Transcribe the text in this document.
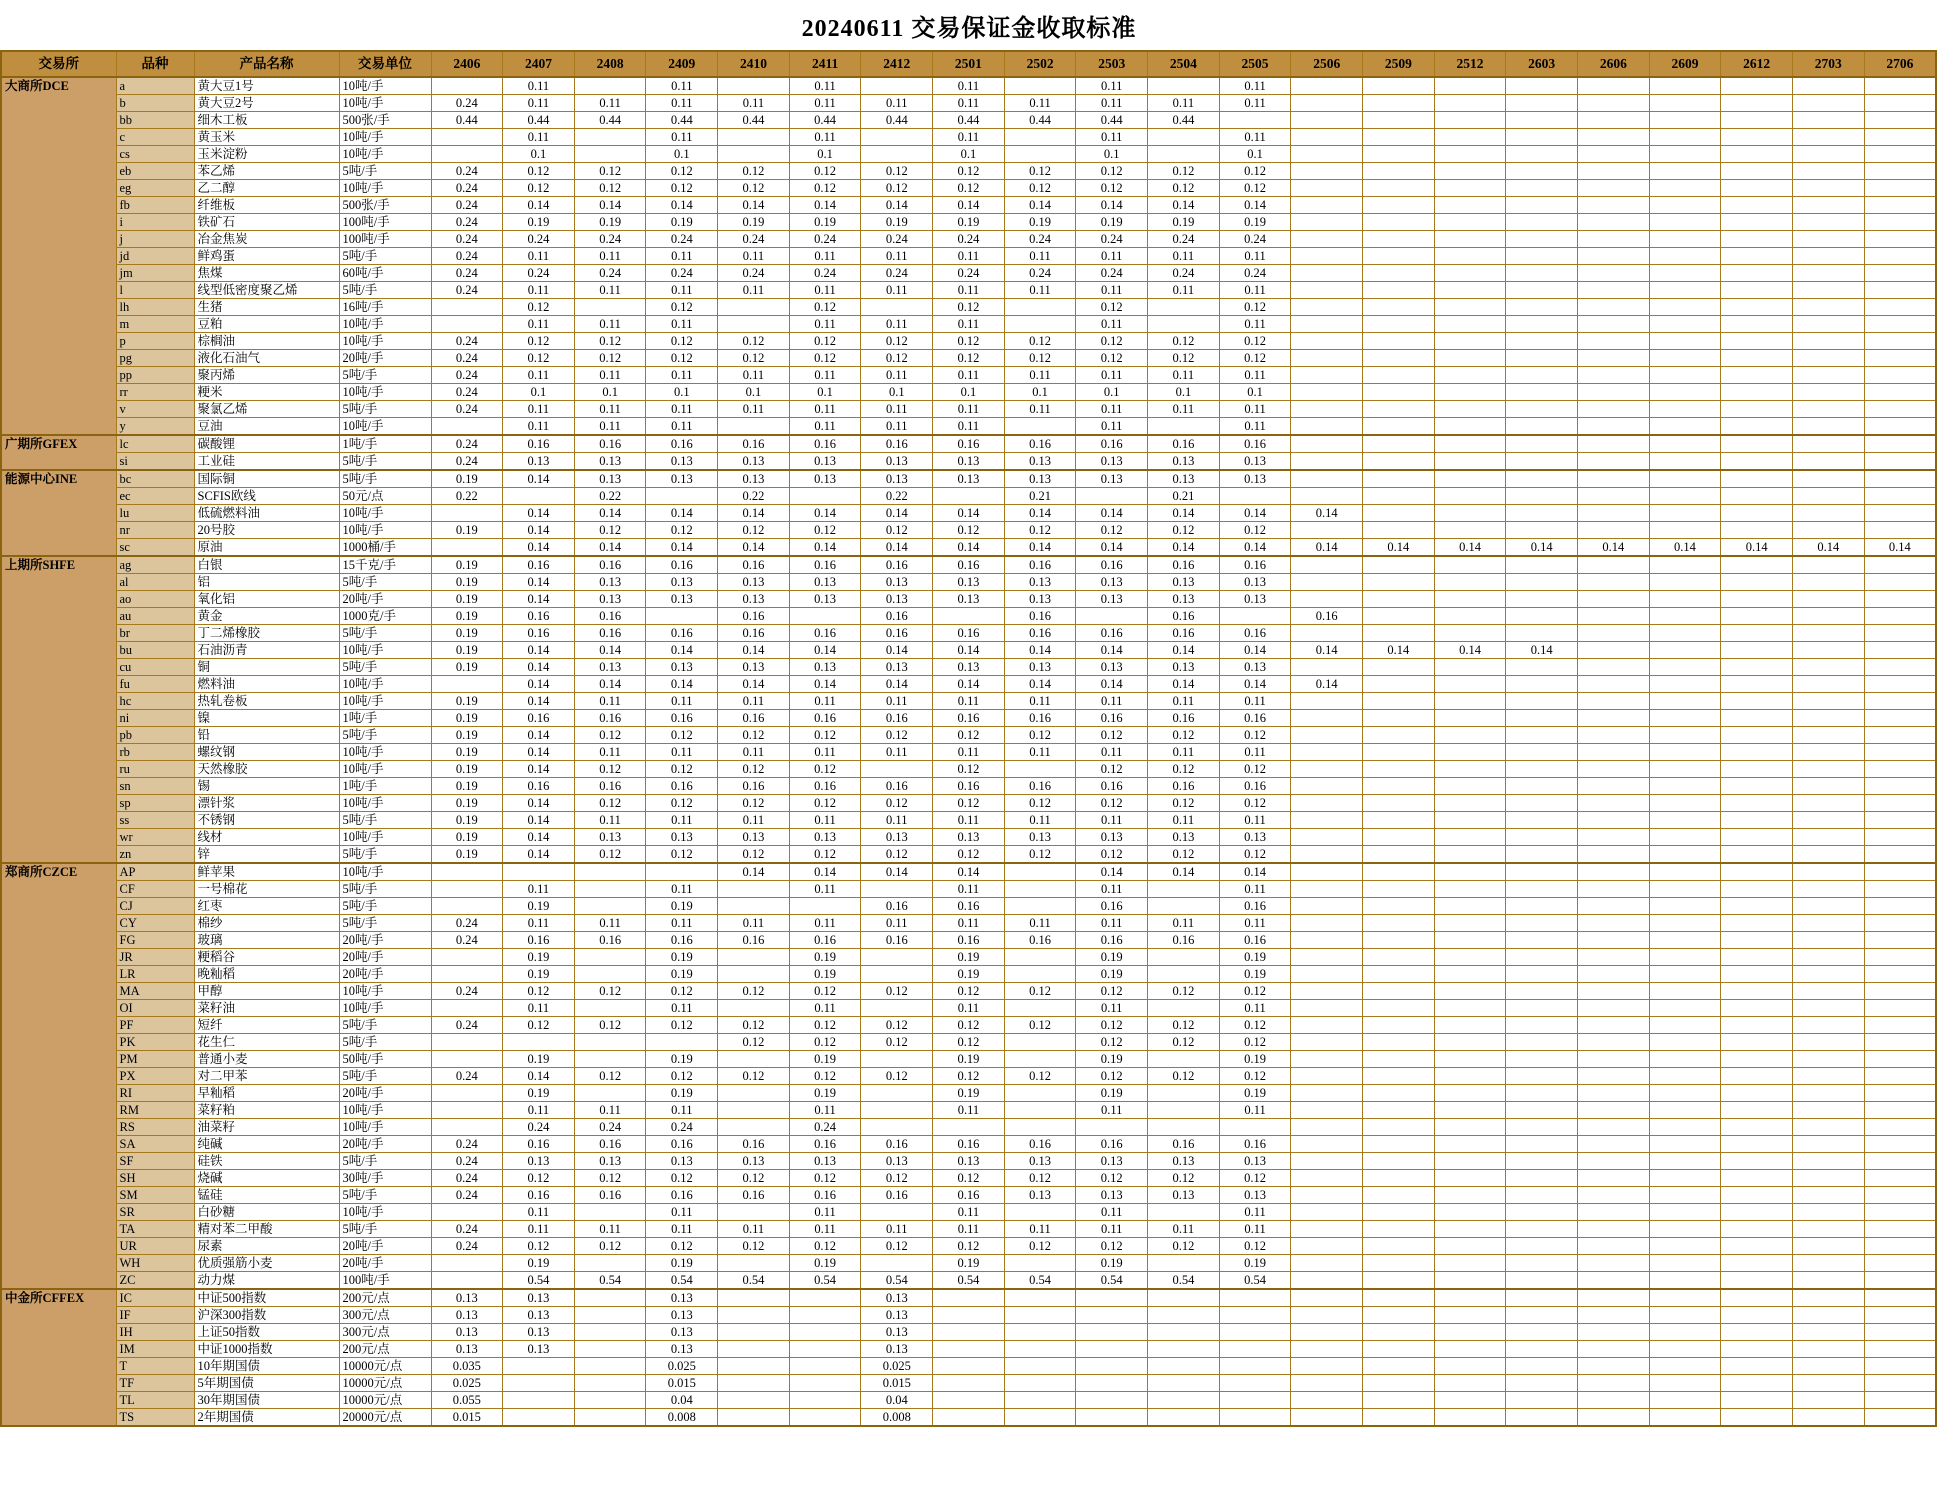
20240611 交易保证金收取标准
交易所	品种	产品名称	交易单位	2406	2407	2408	2409	2410	2411	2412	2501	2502	2503	2504	2505	2506	2509	2512	2603	2606	2609	2612	2703	2706
大商所DCE	a	黄大豆1号	10吨/手		0.11		0.11		0.11		0.11		0.11		0.11									
	b	黄大豆2号	10吨/手	0.24	0.11	0.11	0.11	0.11	0.11	0.11	0.11	0.11	0.11	0.11	0.11									
	bb	细木工板	500张/手	0.44	0.44	0.44	0.44	0.44	0.44	0.44	0.44	0.44	0.44	0.44										
	c	黄玉米	10吨/手		0.11		0.11		0.11		0.11		0.11		0.11									
	cs	玉米淀粉	10吨/手		0.1		0.1		0.1		0.1		0.1		0.1									
	eb	苯乙烯	5吨/手	0.24	0.12	0.12	0.12	0.12	0.12	0.12	0.12	0.12	0.12	0.12	0.12									
	eg	乙二醇	10吨/手	0.24	0.12	0.12	0.12	0.12	0.12	0.12	0.12	0.12	0.12	0.12	0.12									
	fb	纤维板	500张/手	0.24	0.14	0.14	0.14	0.14	0.14	0.14	0.14	0.14	0.14	0.14	0.14									
	i	铁矿石	100吨/手	0.24	0.19	0.19	0.19	0.19	0.19	0.19	0.19	0.19	0.19	0.19	0.19									
	j	冶金焦炭	100吨/手	0.24	0.24	0.24	0.24	0.24	0.24	0.24	0.24	0.24	0.24	0.24	0.24									
	jd	鲜鸡蛋	5吨/手	0.24	0.11	0.11	0.11	0.11	0.11	0.11	0.11	0.11	0.11	0.11	0.11									
	jm	焦煤	60吨/手	0.24	0.24	0.24	0.24	0.24	0.24	0.24	0.24	0.24	0.24	0.24	0.24									
	l	线型低密度聚乙烯	5吨/手	0.24	0.11	0.11	0.11	0.11	0.11	0.11	0.11	0.11	0.11	0.11	0.11									
	lh	生猪	16吨/手		0.12		0.12		0.12		0.12		0.12		0.12									
	m	豆粕	10吨/手		0.11	0.11	0.11		0.11	0.11	0.11		0.11		0.11									
	p	棕榈油	10吨/手	0.24	0.12	0.12	0.12	0.12	0.12	0.12	0.12	0.12	0.12	0.12	0.12									
	pg	液化石油气	20吨/手	0.24	0.12	0.12	0.12	0.12	0.12	0.12	0.12	0.12	0.12	0.12	0.12									
	pp	聚丙烯	5吨/手	0.24	0.11	0.11	0.11	0.11	0.11	0.11	0.11	0.11	0.11	0.11	0.11									
	rr	粳米	10吨/手	0.24	0.1	0.1	0.1	0.1	0.1	0.1	0.1	0.1	0.1	0.1	0.1									
	v	聚氯乙烯	5吨/手	0.24	0.11	0.11	0.11	0.11	0.11	0.11	0.11	0.11	0.11	0.11	0.11									
	y	豆油	10吨/手		0.11	0.11	0.11		0.11	0.11	0.11		0.11		0.11									
广期所GFEX	lc	碳酸锂	1吨/手	0.24	0.16	0.16	0.16	0.16	0.16	0.16	0.16	0.16	0.16	0.16	0.16									
	si	工业硅	5吨/手	0.24	0.13	0.13	0.13	0.13	0.13	0.13	0.13	0.13	0.13	0.13	0.13									
能源中心INE	bc	国际铜	5吨/手	0.19	0.14	0.13	0.13	0.13	0.13	0.13	0.13	0.13	0.13	0.13	0.13									
	ec	SCFIS欧线	50元/点	0.22		0.22		0.22		0.22		0.21		0.21										
	lu	低硫燃料油	10吨/手		0.14	0.14	0.14	0.14	0.14	0.14	0.14	0.14	0.14	0.14	0.14	0.14								
	nr	20号胶	10吨/手	0.19	0.14	0.12	0.12	0.12	0.12	0.12	0.12	0.12	0.12	0.12	0.12									
	sc	原油	1000桶/手		0.14	0.14	0.14	0.14	0.14	0.14	0.14	0.14	0.14	0.14	0.14	0.14	0.14	0.14	0.14	0.14	0.14	0.14	0.14	0.14
上期所SHFE	ag	白银	15千克/手	0.19	0.16	0.16	0.16	0.16	0.16	0.16	0.16	0.16	0.16	0.16	0.16									
	al	铝	5吨/手	0.19	0.14	0.13	0.13	0.13	0.13	0.13	0.13	0.13	0.13	0.13	0.13									
	ao	氧化铝	20吨/手	0.19	0.14	0.13	0.13	0.13	0.13	0.13	0.13	0.13	0.13	0.13	0.13									
	au	黄金	1000克/手	0.19	0.16	0.16		0.16		0.16		0.16		0.16		0.16								
	br	丁二烯橡胶	5吨/手	0.19	0.16	0.16	0.16	0.16	0.16	0.16	0.16	0.16	0.16	0.16	0.16									
	bu	石油沥青	10吨/手	0.19	0.14	0.14	0.14	0.14	0.14	0.14	0.14	0.14	0.14	0.14	0.14	0.14	0.14	0.14	0.14					
	cu	铜	5吨/手	0.19	0.14	0.13	0.13	0.13	0.13	0.13	0.13	0.13	0.13	0.13	0.13									
	fu	燃料油	10吨/手		0.14	0.14	0.14	0.14	0.14	0.14	0.14	0.14	0.14	0.14	0.14	0.14								
	hc	热轧卷板	10吨/手	0.19	0.14	0.11	0.11	0.11	0.11	0.11	0.11	0.11	0.11	0.11	0.11									
	ni	镍	1吨/手	0.19	0.16	0.16	0.16	0.16	0.16	0.16	0.16	0.16	0.16	0.16	0.16									
	pb	铅	5吨/手	0.19	0.14	0.12	0.12	0.12	0.12	0.12	0.12	0.12	0.12	0.12	0.12									
	rb	螺纹钢	10吨/手	0.19	0.14	0.11	0.11	0.11	0.11	0.11	0.11	0.11	0.11	0.11	0.11									
	ru	天然橡胶	10吨/手	0.19	0.14	0.12	0.12	0.12	0.12		0.12		0.12	0.12	0.12									
	sn	锡	1吨/手	0.19	0.16	0.16	0.16	0.16	0.16	0.16	0.16	0.16	0.16	0.16	0.16									
	sp	漂针浆	10吨/手	0.19	0.14	0.12	0.12	0.12	0.12	0.12	0.12	0.12	0.12	0.12	0.12									
	ss	不锈钢	5吨/手	0.19	0.14	0.11	0.11	0.11	0.11	0.11	0.11	0.11	0.11	0.11	0.11									
	wr	线材	10吨/手	0.19	0.14	0.13	0.13	0.13	0.13	0.13	0.13	0.13	0.13	0.13	0.13									
	zn	锌	5吨/手	0.19	0.14	0.12	0.12	0.12	0.12	0.12	0.12	0.12	0.12	0.12	0.12									
郑商所CZCE	AP	鲜苹果	10吨/手					0.14	0.14	0.14	0.14		0.14	0.14	0.14									
	CF	一号棉花	5吨/手		0.11		0.11		0.11		0.11		0.11		0.11									
	CJ	红枣	5吨/手		0.19		0.19			0.16	0.16		0.16		0.16									
	CY	棉纱	5吨/手	0.24	0.11	0.11	0.11	0.11	0.11	0.11	0.11	0.11	0.11	0.11	0.11									
	FG	玻璃	20吨/手	0.24	0.16	0.16	0.16	0.16	0.16	0.16	0.16	0.16	0.16	0.16	0.16									
	JR	粳稻谷	20吨/手		0.19		0.19		0.19		0.19		0.19		0.19									
	LR	晚籼稻	20吨/手		0.19		0.19		0.19		0.19		0.19		0.19									
	MA	甲醇	10吨/手	0.24	0.12	0.12	0.12	0.12	0.12	0.12	0.12	0.12	0.12	0.12	0.12									
	OI	菜籽油	10吨/手		0.11		0.11		0.11		0.11		0.11		0.11									
	PF	短纤	5吨/手	0.24	0.12	0.12	0.12	0.12	0.12	0.12	0.12	0.12	0.12	0.12	0.12									
	PK	花生仁	5吨/手					0.12	0.12	0.12	0.12		0.12	0.12	0.12									
	PM	普通小麦	50吨/手		0.19		0.19		0.19		0.19		0.19		0.19									
	PX	对二甲苯	5吨/手	0.24	0.14	0.12	0.12	0.12	0.12	0.12	0.12	0.12	0.12	0.12	0.12									
	RI	早籼稻	20吨/手		0.19		0.19		0.19		0.19		0.19		0.19									
	RM	菜籽粕	10吨/手		0.11	0.11	0.11		0.11		0.11		0.11		0.11									
	RS	油菜籽	10吨/手		0.24	0.24	0.24		0.24															
	SA	纯碱	20吨/手	0.24	0.16	0.16	0.16	0.16	0.16	0.16	0.16	0.16	0.16	0.16	0.16									
	SF	硅铁	5吨/手	0.24	0.13	0.13	0.13	0.13	0.13	0.13	0.13	0.13	0.13	0.13	0.13									
	SH	烧碱	30吨/手	0.24	0.12	0.12	0.12	0.12	0.12	0.12	0.12	0.12	0.12	0.12	0.12									
	SM	锰硅	5吨/手	0.24	0.16	0.16	0.16	0.16	0.16	0.16	0.16	0.13	0.13	0.13	0.13									
	SR	白砂糖	10吨/手		0.11		0.11		0.11		0.11		0.11		0.11									
	TA	精对苯二甲酸	5吨/手	0.24	0.11	0.11	0.11	0.11	0.11	0.11	0.11	0.11	0.11	0.11	0.11									
	UR	尿素	20吨/手	0.24	0.12	0.12	0.12	0.12	0.12	0.12	0.12	0.12	0.12	0.12	0.12									
	WH	优质强筋小麦	20吨/手		0.19		0.19		0.19		0.19		0.19		0.19									
	ZC	动力煤	100吨/手		0.54	0.54	0.54	0.54	0.54	0.54	0.54	0.54	0.54	0.54	0.54									
中金所CFFEX	IC	中证500指数	200元/点	0.13	0.13		0.13			0.13														
	IF	沪深300指数	300元/点	0.13	0.13		0.13			0.13														
	IH	上证50指数	300元/点	0.13	0.13		0.13			0.13														
	IM	中证1000指数	200元/点	0.13	0.13		0.13			0.13														
	T	10年期国债	10000元/点	0.035			0.025			0.025														
	TF	5年期国债	10000元/点	0.025			0.015			0.015														
	TL	30年期国债	10000元/点	0.055			0.04			0.04														
	TS	2年期国债	20000元/点	0.015			0.008			0.008														
